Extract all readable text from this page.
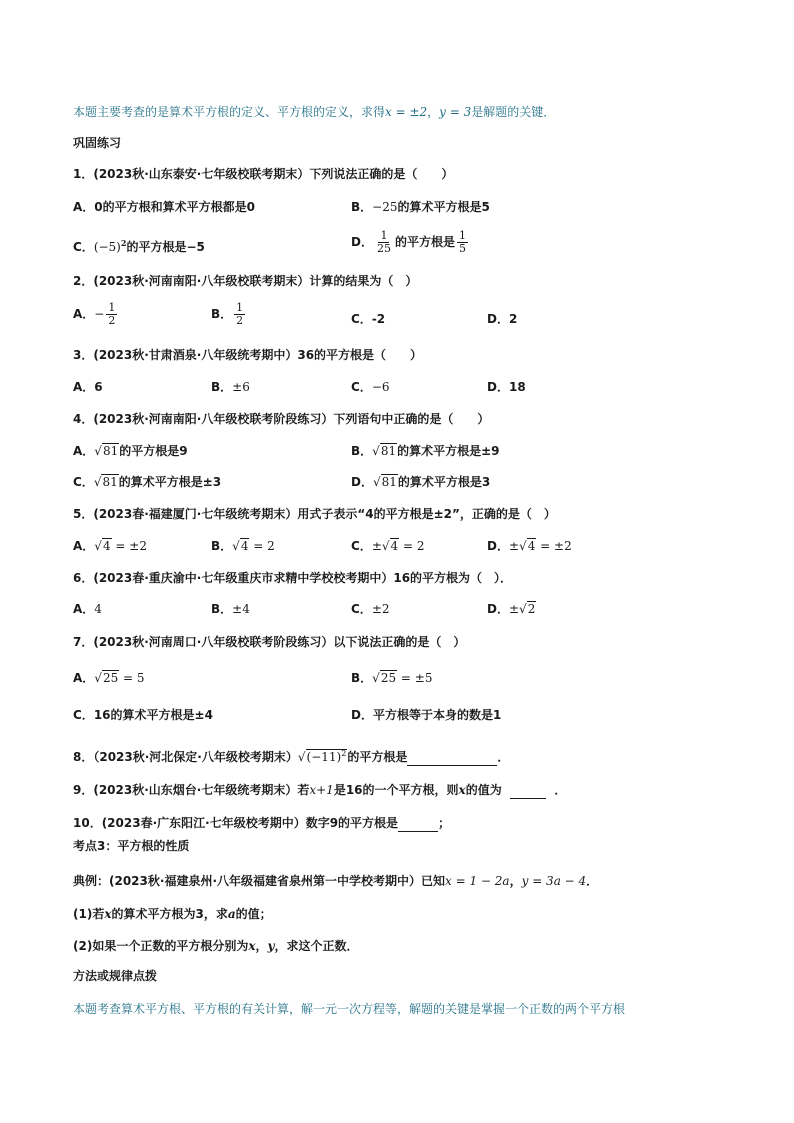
本题主要考查的是算术平方根的定义、平方根的定义，求得x = ±2，y = 3是解题的关键．
巩固练习
1．(2023秋·山东泰安·七年级校联考期末）下列说法正确的是（　　）
A．0的平方根和算术平方根都是0	B．−25的算术平方根是5
C．$(-5)^2$的平方根是−5	D． $\frac{1}{25}$ 的平方根是 $\frac{1}{5}$
2．(2023秋·河南南阳·八年级校联考期末）计算的结果为（　）
A．− $\frac{1}{2}$	B． $\frac{1}{2}$	C．-2	D．2
3．(2023秋·甘肃酒泉·八年级统考期中）36的平方根是（　　）
A．6	B．±6	C．−6	D．18
4．(2023秋·河南南阳·八年级校联考阶段练习）下列语句中正确的是（　　）
A．√81的平方根是9	B．√81的算术平方根是±9
C．√81的算术平方根是±3	D．√81的算术平方根是3
5．(2023春·福建厦门·七年级统考期末）用式子表示“4的平方根是±2”，正确的是（　）
A．√4 = ±2	B．√4 = 2	C．±√4 = 2	D．±√4 = ±2
6．(2023春·重庆渝中·七年级重庆市求精中学校校考期中）16的平方根为（　）．
A．4	B．±4	C．±2	D．±√2
7．(2023秋·河南周口·八年级校联考阶段练习）以下说法正确的是（　）
A．√25 = 5	B．√25 = ±5
C．16的算术平方根是±4	D．平方根等于本身的数是1
8．（2023秋·河北保定·八年级校考期末）$√(-11)^2$的平方根是	．
9．(2023秋·山东烟台·七年级统考期末）若x+1是16的一个平方根，则x的值为	．
10．(2023春·广东阳江·七年级校考期中）数字9的平方根是	；
考点3：平方根的性质
典例：(2023秋·福建泉州·八年级福建省泉州第一中学校考期中）已知x = 1 − 2a，y = 3a − 4．
(1)若x的算术平方根为3，求a的值；
(2)如果一个正数的平方根分别为x，y，求这个正数．
方法或规律点拨
本题考查算术平方根、平方根的有关计算，解一元一次方程等，解题的关键是掌握一个正数的两个平方根
